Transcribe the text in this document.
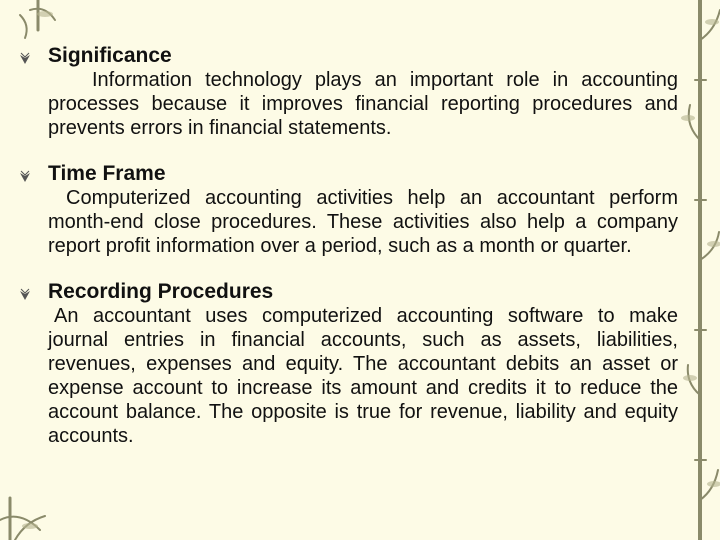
Significance

Information technology plays an important role in accounting processes because it improves financial reporting procedures and prevents errors in financial statements.

Time Frame

Computerized accounting activities help an accountant perform month-end close procedures. These activities also help a company report profit information over a period, such as a month or quarter.

Recording Procedures

An accountant uses computerized accounting software to make journal entries in financial accounts, such as assets, liabilities, revenues, expenses and equity. The accountant debits an asset or expense account to increase its amount and credits it to reduce the account balance. The opposite is true for revenue, liability and equity accounts.
